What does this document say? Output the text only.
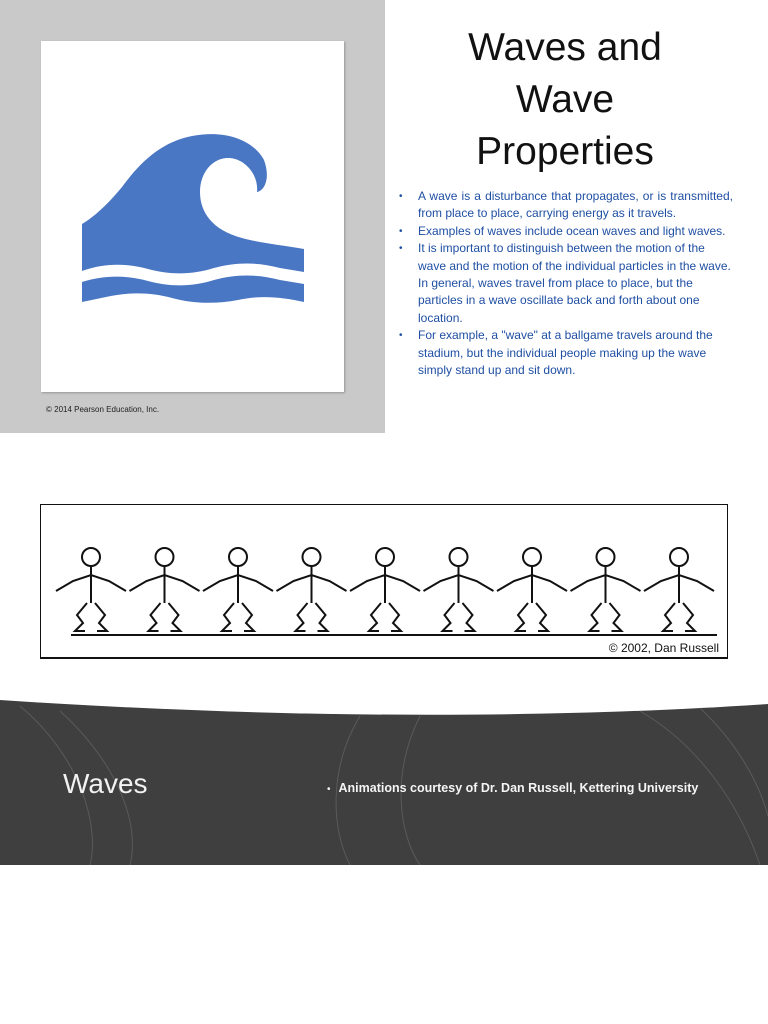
© 2014 Pearson Education, Inc.
Waves and
Wave
Properties
• A wave is a disturbance that propagates, or is transmitted, from place to place, carrying energy as it travels.
• Examples of waves include ocean waves and light waves.
• It is important to distinguish between the motion of the wave and the motion of the individual particles in the wave. In general, waves travel from place to place, but the particles in a wave oscillate back and forth about one location.
• For example, a "wave" at a ballgame travels around the stadium, but the individual people making up the wave simply stand up and sit down.
© 2002, Dan Russell
Waves	• Animations courtesy of Dr. Dan Russell, Kettering University
